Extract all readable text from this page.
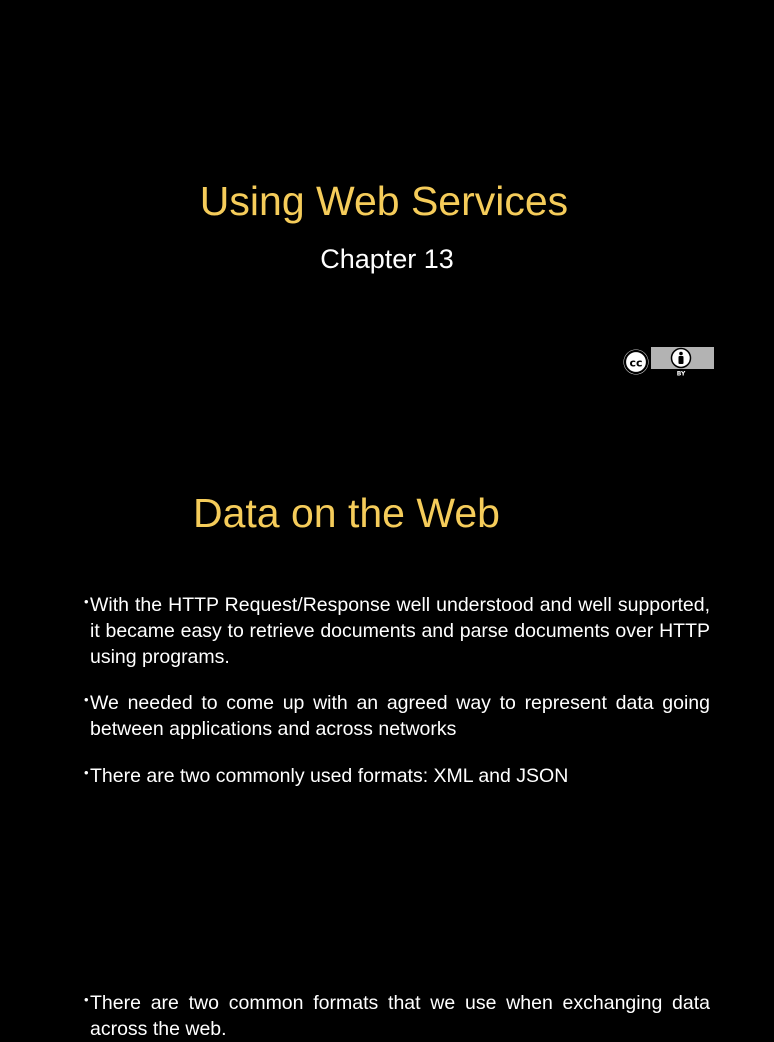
Using Web Services

Chapter 13

cc
BY
Data on the Web
• With the HTTP Request/Response well understood and well supported, it became easy to retrieve documents and parse documents over HTTP using programs.
• We needed to come up with an agreed way to represent data going between applications and across networks
• There are two commonly used formats: XML and JSON
• There are two common formats that we use when exchanging data across the web.
